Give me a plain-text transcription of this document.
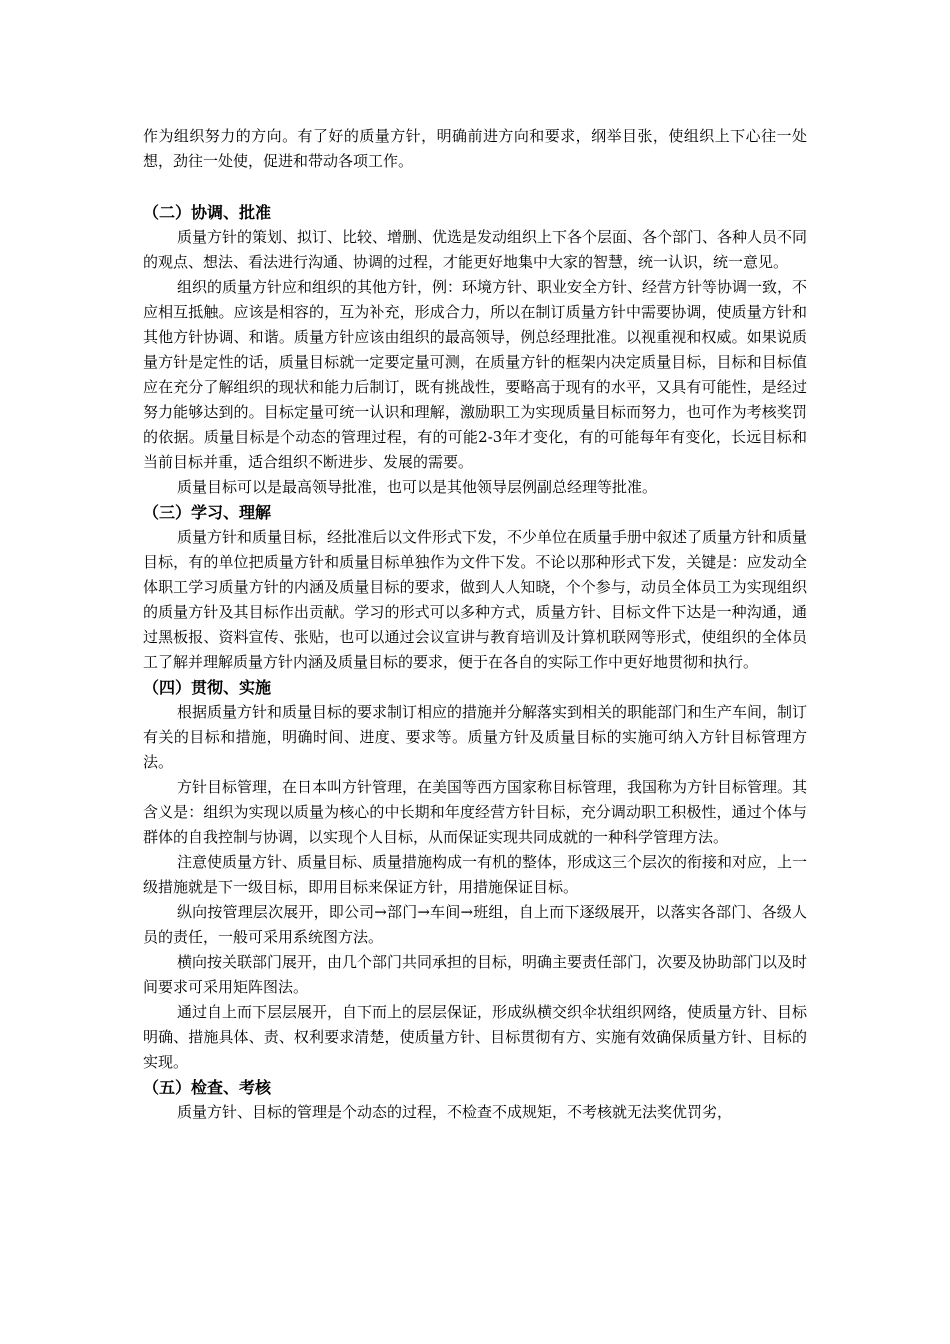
作为组织努力的方向。有了好的质量方针，明确前进方向和要求，纲举目张，使组织上下心往一处想，劲往一处使，促进和带动各项工作。

（二）协调、批准

质量方针的策划、拟订、比较、增删、优选是发动组织上下各个层面、各个部门、各种人员不同的观点、想法、看法进行沟通、协调的过程，才能更好地集中大家的智慧，统一认识，统一意见。

组织的质量方针应和组织的其他方针，例：环境方针、职业安全方针、经营方针等协调一致，不应相互抵触。应该是相容的，互为补充，形成合力，所以在制订质量方针中需要协调，使质量方针和其他方针协调、和谐。质量方针应该由组织的最高领导，例总经理批准。以视重视和权威。如果说质量方针是定性的话，质量目标就一定要定量可测，在质量方针的框架内决定质量目标，目标和目标值应在充分了解组织的现状和能力后制订，既有挑战性，要略高于现有的水平，又具有可能性，是经过努力能够达到的。目标定量可统一认识和理解，激励职工为实现质量目标而努力，也可作为考核奖罚的依据。质量目标是个动态的管理过程，有的可能2-3年才变化，有的可能每年有变化，长远目标和当前目标并重，适合组织不断进步、发展的需要。

质量目标可以是最高领导批准，也可以是其他领导层例副总经理等批准。

（三）学习、理解

质量方针和质量目标，经批准后以文件形式下发，不少单位在质量手册中叙述了质量方针和质量目标，有的单位把质量方针和质量目标单独作为文件下发。不论以那种形式下发，关键是：应发动全体职工学习质量方针的内涵及质量目标的要求，做到人人知晓，个个参与，动员全体员工为实现组织的质量方针及其目标作出贡献。学习的形式可以多种方式，质量方针、目标文件下达是一种沟通，通过黑板报、资料宣传、张贴，也可以通过会议宣讲与教育培训及计算机联网等形式，使组织的全体员工了解并理解质量方针内涵及质量目标的要求，便于在各自的实际工作中更好地贯彻和执行。

（四）贯彻、实施

根据质量方针和质量目标的要求制订相应的措施并分解落实到相关的职能部门和生产车间，制订有关的目标和措施，明确时间、进度、要求等。质量方针及质量目标的实施可纳入方针目标管理方法。

方针目标管理，在日本叫方针管理，在美国等西方国家称目标管理，我国称为方针目标管理。其含义是：组织为实现以质量为核心的中长期和年度经营方针目标，充分调动职工积极性，通过个体与群体的自我控制与协调，以实现个人目标，从而保证实现共同成就的一种科学管理方法。

注意使质量方针、质量目标、质量措施构成一有机的整体，形成这三个层次的衔接和对应，上一级措施就是下一级目标，即用目标来保证方针，用措施保证目标。

纵向按管理层次展开，即公司→部门→车间→班组，自上而下逐级展开，以落实各部门、各级人员的责任，一般可采用系统图方法。

横向按关联部门展开，由几个部门共同承担的目标，明确主要责任部门，次要及协助部门以及时间要求可采用矩阵图法。

通过自上而下层层展开，自下而上的层层保证，形成纵横交织伞状组织网络，使质量方针、目标明确、措施具体、责、权利要求清楚，使质量方针、目标贯彻有方、实施有效确保质量方针、目标的实现。

（五）检查、考核

质量方针、目标的管理是个动态的过程，不检查不成规矩，不考核就无法奖优罚劣，
